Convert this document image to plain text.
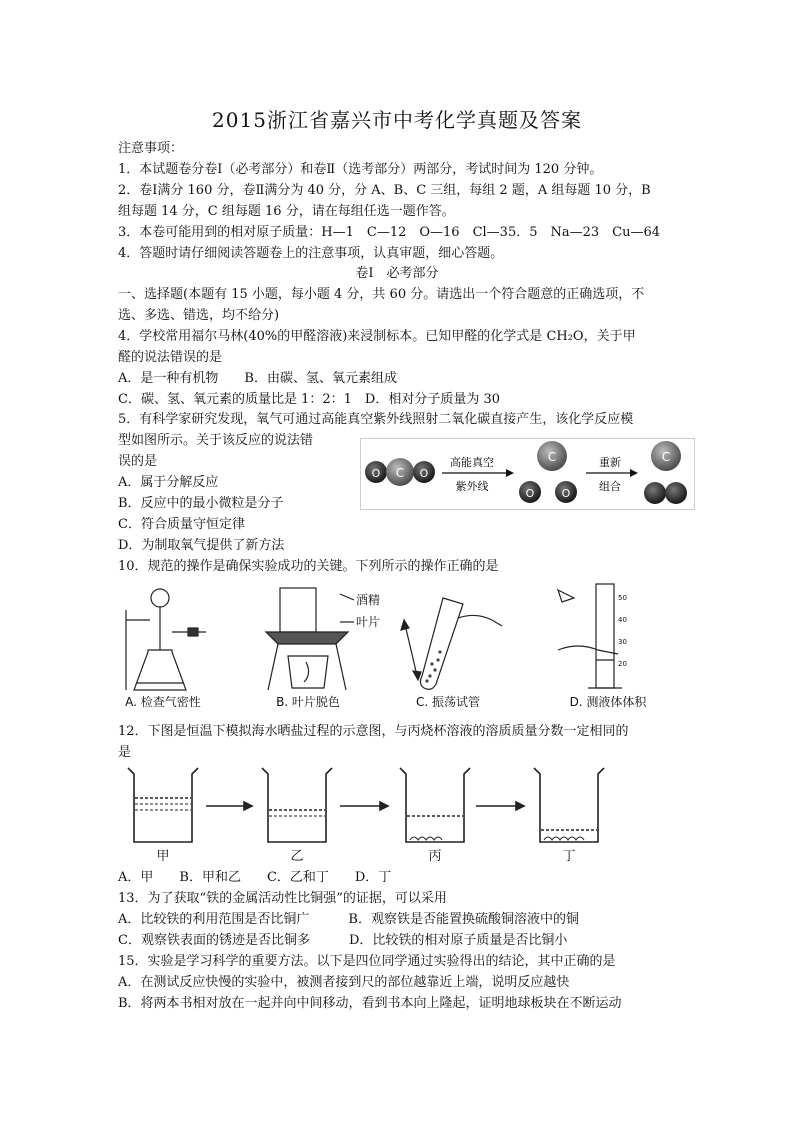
2015浙江省嘉兴市中考化学真题及答案
注意事项：
1．本试题卷分卷Ⅰ（必考部分）和卷Ⅱ（选考部分）两部分，考试时间为 120 分钟。
2．卷Ⅰ满分 160 分，卷Ⅱ满分为 40 分，分 A、B、C 三组，每组 2 题，A 组每题 10 分，B
组每题 14 分，C 组每题 16 分，请在每组任选一题作答。
3．本卷可能用到的相对原子质量：H—1　C—12　O—16　Cl—35．5　Na—23　Cu—64
4．答题时请仔细阅读答题卷上的注意事项，认真审题，细心答题。
卷Ⅰ　必考部分
一、选择题(本题有 15 小题，每小题 4 分，共 60 分。请选出一个符合题意的正确选项，不
选、多选、错选，均不给分)
4．学校常用福尔马林(40%的甲醛溶液)来浸制标本。已知甲醛的化学式是 CH₂O，关于甲
醛的说法错误的是
A．是一种有机物　　B．由碳、氢、氧元素组成
C．碳、氢、氧元素的质量比是 1：2：1　D．相对分子质量为 30
5．有科学家研究发现，氧气可通过高能真空紫外线照射二氧化碳直接产生，该化学反应模
型如图所示。关于该反应的说法错
误的是
A．属于分解反应
B．反应中的最小微粒是分子
C．符合质量守恒定律
D．为制取氧气提供了新方法
10．规范的操作是确保实验成功的关键。下列所示的操作正确的是
O C O
高能真空
紫外线
C
O O
重新
组合
C
A. 检查气密性
酒精
叶片
B. 叶片脱色	C. 振荡试管
50
40
30
20
D. 测液体体积
12．下图是恒温下模拟海水晒盐过程的示意图，与丙烧杯溶液的溶质质量分数一定相同的
是
甲	乙	丙	丁
A．甲　　B．甲和乙　　C．乙和丁　　D．丁
13．为了获取“铁的金属活动性比铜强”的证据，可以采用
A．比较铁的利用范围是否比铜广　　　B．观察铁是否能置换硫酸铜溶液中的铜
C．观察铁表面的锈迹是否比铜多　　　D．比较铁的相对原子质量是否比铜小
15．实验是学习科学的重要方法。以下是四位同学通过实验得出的结论，其中正确的是
A．在测试反应快慢的实验中，被测者接到尺的部位越靠近上端，说明反应越快
B．将两本书相对放在一起并向中间移动，看到书本向上隆起，证明地球板块在不断运动
